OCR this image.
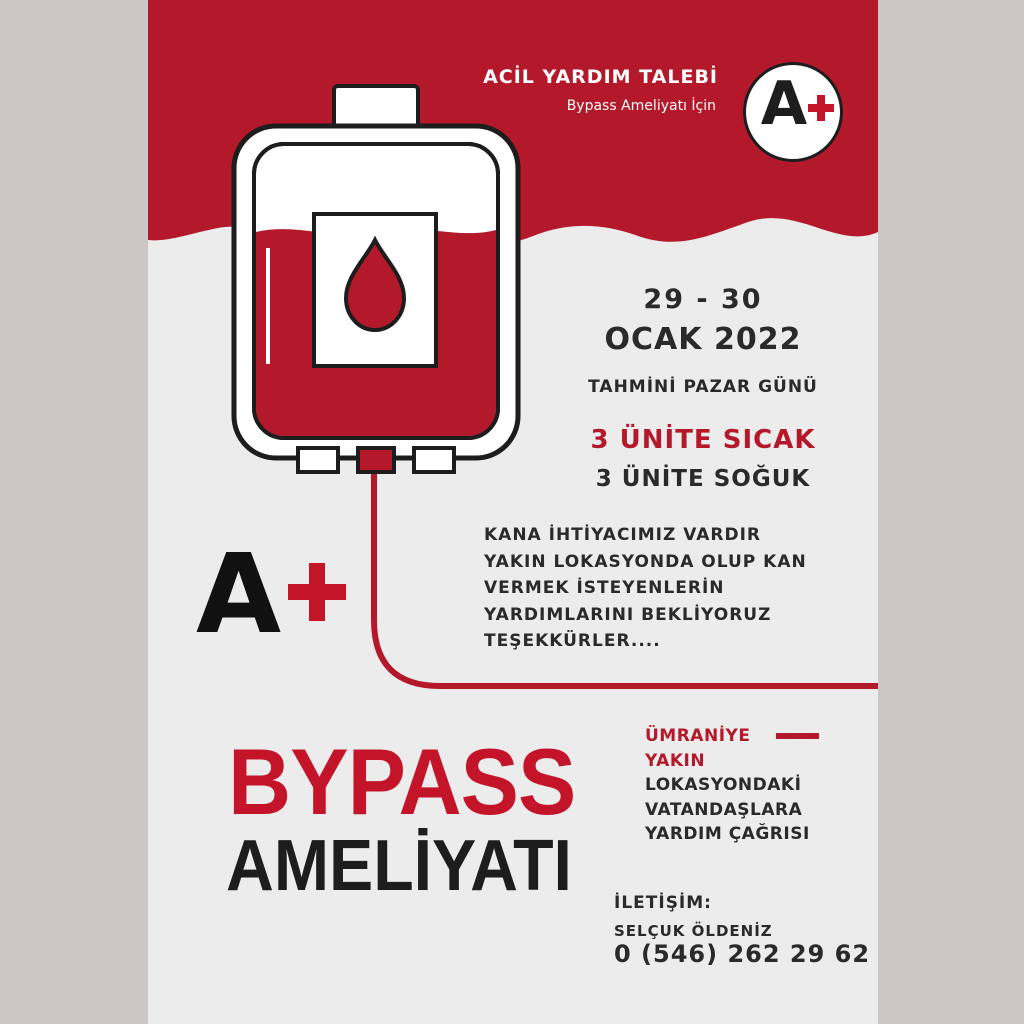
ACİL YARDIM TALEBİ
Bypass Ameliyatı İçin A
29 - 30
OCAK 2022
TAHMİNİ PAZAR GÜNÜ
3 ÜNİTE SICAK
3 ÜNİTE SOĞUK
KANA İHTİYACIMIZ VARDIR
YAKIN LOKASYONDA OLUP KAN
VERMEK İSTEYENLERİN
YARDIMLARINI BEKLİYORUZ
TEŞEKKÜRLER....
A
BYPASS
AMELİYATI
ÜMRANİYE
YAKIN
LOKASYONDAKİ
VATANDAŞLARA
YARDIM ÇAĞRISI
İLETİŞİM:
SELÇUK ÖLDENİZ
0 (546) 262 29 62
